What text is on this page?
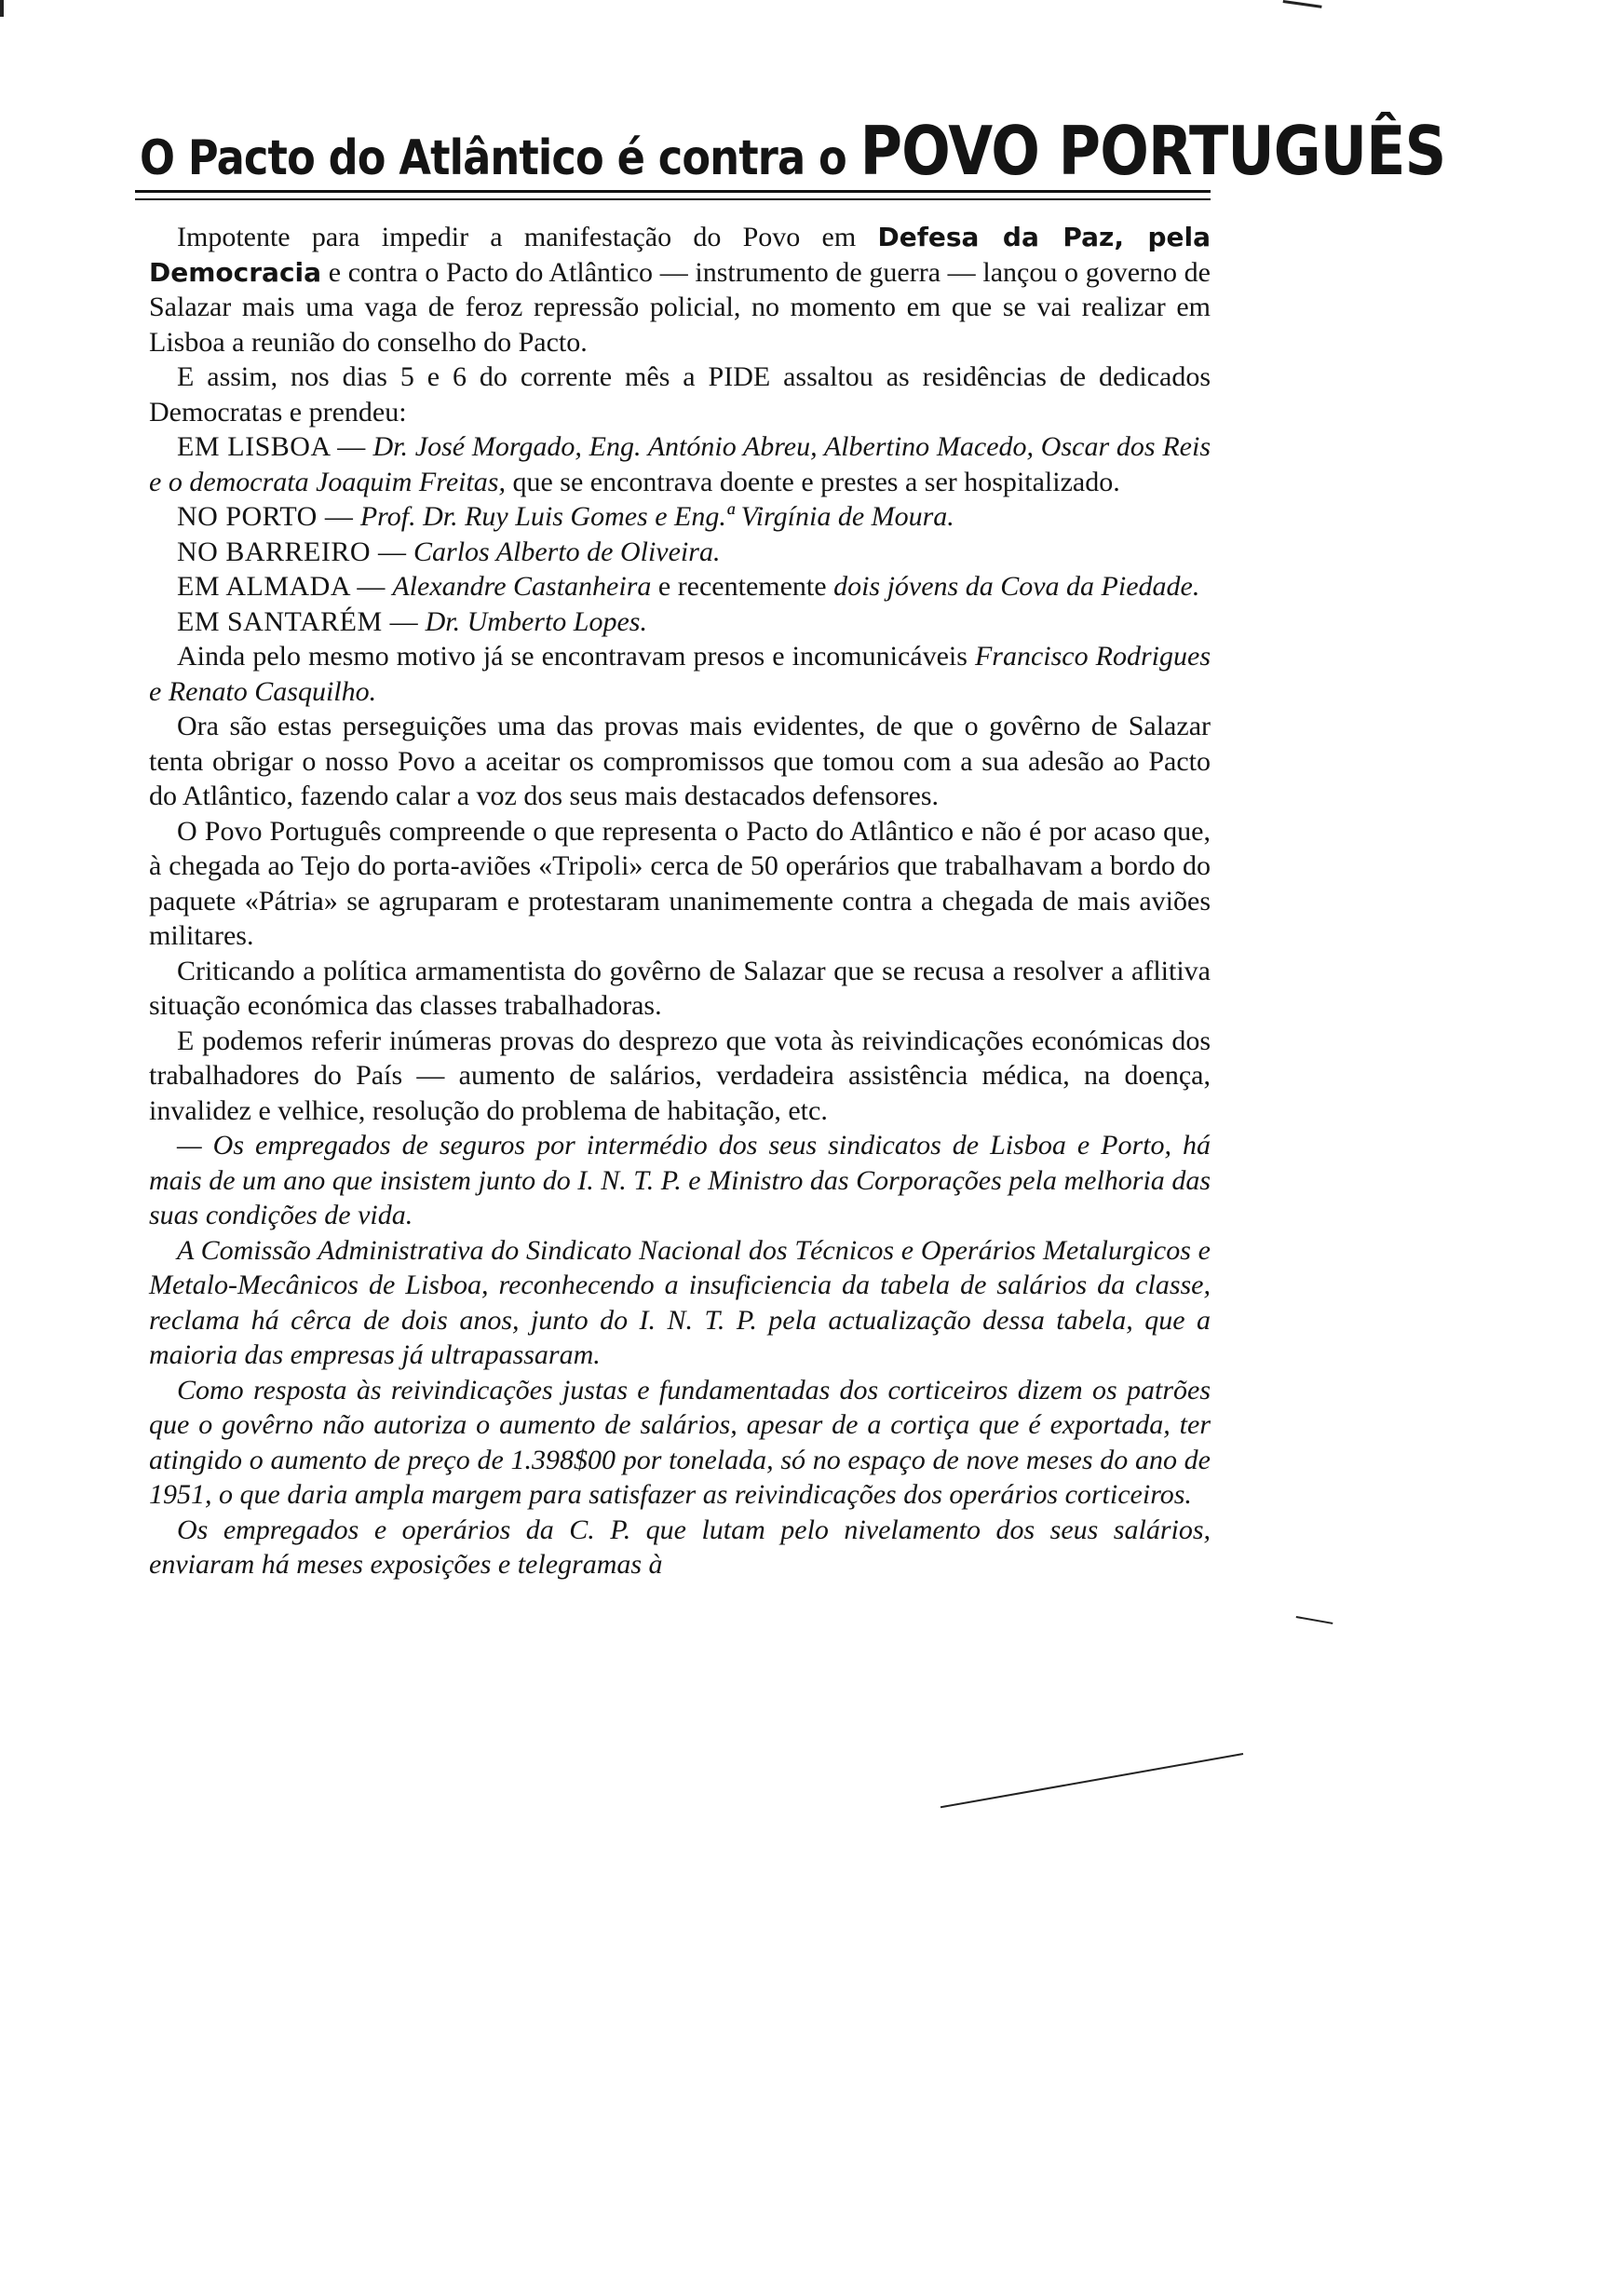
O Pacto do Atlântico é contra o POVO PORTUGUÊS

Impotente para impedir a manifestação do Povo em Defesa da Paz, pela Democracia e contra o Pacto do Atlântico — instrumento de guerra — lançou o governo de Salazar mais uma vaga de feroz repressão policial, no momento em que se vai realizar em Lisboa a reunião do conselho do Pacto.

E assim, nos dias 5 e 6 do corrente mês a PIDE assaltou as residências de dedicados Democratas e prendeu:

EM LISBOA — Dr. José Morgado, Eng. António Abreu, Albertino Macedo, Oscar dos Reis e o democrata Joaquim Freitas, que se encontrava doente e prestes a ser hospitalizado.

NO PORTO — Prof. Dr. Ruy Luis Gomes e Eng.ª Virgínia de Moura.

NO BARREIRO — Carlos Alberto de Oliveira.

EM ALMADA — Alexandre Castanheira e recentemente dois jóvens da Cova da Piedade.

EM SANTARÉM — Dr. Umberto Lopes.

Ainda pelo mesmo motivo já se encontravam presos e incomunicáveis Francisco Rodrigues e Renato Casquilho.

Ora são estas perseguições uma das provas mais evidentes, de que o govêrno de Salazar tenta obrigar o nosso Povo a aceitar os compromissos que tomou com a sua adesão ao Pacto do Atlântico, fazendo calar a voz dos seus mais destacados defensores.

O Povo Português compreende o que representa o Pacto do Atlântico e não é por acaso que, à chegada ao Tejo do porta-aviões «Tripoli» cerca de 50 operários que trabalhavam a bordo do paquete «Pátria» se agruparam e protestaram unanimemente contra a chegada de mais aviões militares.

Criticando a política armamentista do govêrno de Salazar que se recusa a resolver a aflitiva situação económica das classes trabalhadoras.

E podemos referir inúmeras provas do desprezo que vota às reivindicações económicas dos trabalhadores do País — aumento de salários, verdadeira assistência médica, na doença, invalidez e velhice, resolução do problema de habitação, etc.

— Os empregados de seguros por intermédio dos seus sindicatos de Lisboa e Porto, há mais de um ano que insistem junto do I. N. T. P. e Ministro das Corporações pela melhoria das suas condições de vida.

A Comissão Administrativa do Sindicato Nacional dos Técnicos e Operários Metalurgicos e Metalo-Mecânicos de Lisboa, reconhecendo a insuficiencia da tabela de salários da classe, reclama há cêrca de dois anos, junto do I. N. T. P. pela actualização dessa tabela, que a maioria das empresas já ultrapassaram.

Como resposta às reivindicações justas e fundamentadas dos corticeiros dizem os patrões que o govêrno não autoriza o aumento de salários, apesar de a cortiça que é exportada, ter atingido o aumento de preço de 1.398$00 por tonelada, só no espaço de nove meses do ano de 1951, o que daria ampla margem para satisfazer as reivindicações dos operários corticeiros.

Os empregados e operários da C. P. que lutam pelo nivelamento dos seus salários, enviaram há meses exposições e telegramas à
